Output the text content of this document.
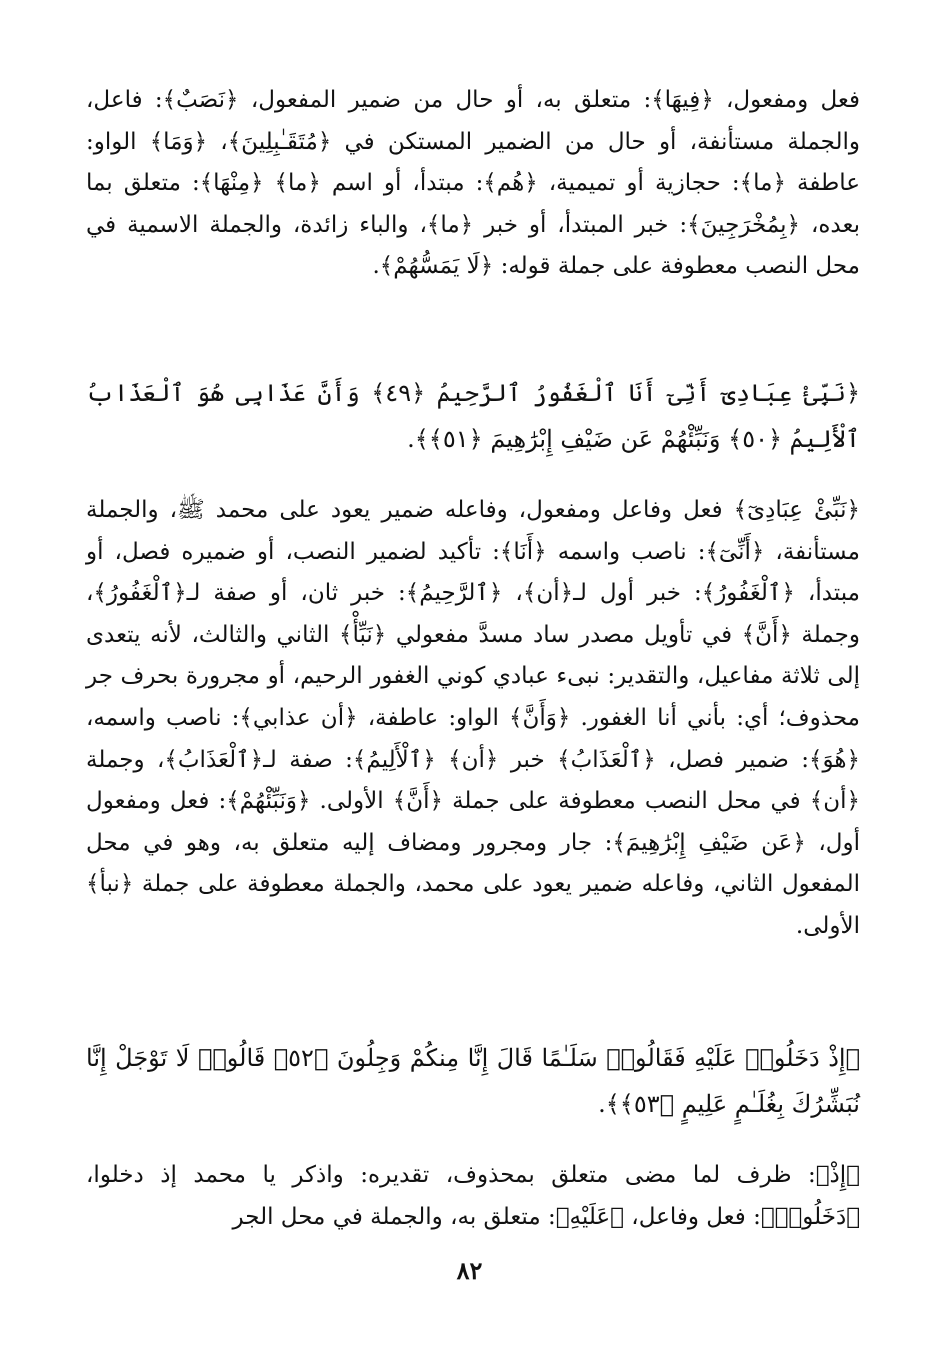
فعل ومفعول، ﴿فِيهَا﴾: متعلق به، أو حال من ضمير المفعول، ﴿نَصَبٌ﴾: فاعل، والجملة مستأنفة، أو حال من الضمير المستكن في ﴿مُتَقَـٰبِلِينَ﴾، ﴿وَمَا﴾ الواو: عاطفة ﴿ما﴾: حجازية أو تميمية، ﴿هُم﴾: مبتدأ، أو اسم ﴿ما﴾ ﴿مِنْهَا﴾: متعلق بما بعده، ﴿بِمُخْرَجِينَ﴾: خبر المبتدأ، أو خبر ﴿ما﴾، والباء زائدة، والجملة الاسمية في محل النصب معطوفة على جملة قوله: ﴿لَا يَمَسُّهُمْ﴾.
﴿نَبِّئْ عِبَادِىٓ أَنِّىٓ أَنَا ٱلْغَفُورُ ٱلرَّحِيمُ ﴿٤٩﴾ وَأَنَّ عَذَابِى هُوَ ٱلْعَذَابُ ٱلْأَلِيمُ ﴿٥٠﴾ وَنَبِّئْهُمْ عَن ضَيْفِ إِبْرَٰهِيمَ ﴿٥١﴾﴾.
﴿نَبِّئْ عِبَادِىٓ﴾ فعل وفاعل ومفعول، وفاعله ضمير يعود على محمد ﷺ، والجملة مستأنفة، ﴿أَنِّىٓ﴾: ناصب واسمه ﴿أَنَا﴾: تأكيد لضمير النصب، أو ضميره فصل، أو مبتدأ، ﴿ٱلْغَفُورُ﴾: خبر أول لـ﴿أن﴾، ﴿ٱلرَّحِيمُ﴾: خبر ثان، أو صفة لـ﴿ٱلْغَفُورُ﴾، وجملة ﴿أَنَّ﴾ في تأويل مصدر ساد مسدَّ مفعولي ﴿نَبِّأْ﴾ الثاني والثالث، لأنه يتعدى إلى ثلاثة مفاعيل، والتقدير: نبىء عبادي كوني الغفور الرحيم، أو مجرورة بحرف جر محذوف؛ أي: بأني أنا الغفور. ﴿وَأَنَّ﴾ الواو: عاطفة، ﴿أن عذابي﴾: ناصب واسمه، ﴿هُوَ﴾: ضمير فصل، ﴿ٱلْعَذَابُ﴾ خبر ﴿أن﴾ ﴿ٱلْأَلِيمُ﴾: صفة لـ﴿ٱلْعَذَابُ﴾، وجملة ﴿أن﴾ في محل النصب معطوفة على جملة ﴿أَنَّ﴾ الأولى. ﴿وَنَبِّئْهُمْ﴾: فعل ومفعول أول، ﴿عَن ضَيْفِ إِبْرَٰهِيمَ﴾: جار ومجرور ومضاف إليه متعلق به، وهو في محل المفعول الثاني، وفاعله ضمير يعود على محمد، والجملة معطوفة على جملة ﴿نبأ﴾ الأولى.
﴿إِذْ دَخَلُوا۟ عَلَيْهِ فَقَالُوا۟ سَلَـٰمًا قَالَ إِنَّا مِنكُمْ وَجِلُونَ ﴿٥٢﴾ قَالُوا۟ لَا تَوْجَلْ إِنَّا نُبَشِّرُكَ بِغُلَـٰمٍ عَلِيمٍ ﴿٥٣﴾﴾.
﴿إِذْ﴾: ظرف لما مضى متعلق بمحذوف، تقديره: واذكر يا محمد إذ دخلوا، ﴿دَخَلُوا۟﴾: فعل وفاعل، ﴿عَلَيْهِ﴾: متعلق به، والجملة في محل الجر
٨٢
